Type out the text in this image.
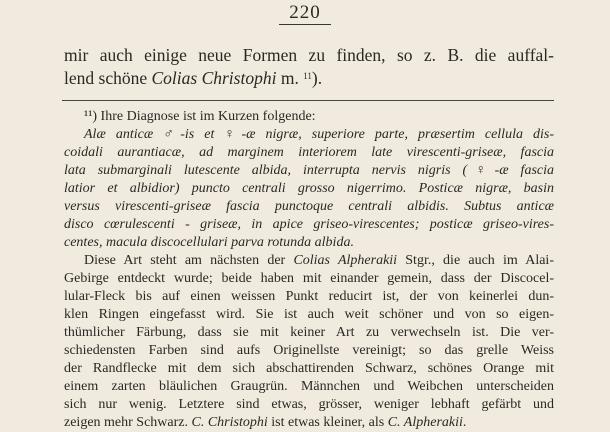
220
mir auch einige neue Formen zu finden, so z. B. die auffal-
lend schöne Colias Christophi m. $^{11}$).
¹¹) Ihre Diagnose ist im Kurzen folgende:
Alæ anticæ ♂-is et ♀-æ nigræ, superiore parte, præsertim cellula dis-
coidali aurantiacæ, ad marginem interiorem late virescenti-griseæ, fascia
lata submarginali lutescente albida, interrupta nervis nigris (♀-æ fascia
latior et albidior) puncto centrali grosso nigerrimo. Posticæ nigræ, basin
versus virescenti-griseæ fascia punctoque centrali albidis. Subtus anticæ
disco cœrulescenti - griseæ, in apice griseo-virescentes; posticæ griseo-vires-
centes, macula discocellulari parva rotunda albida.
Diese Art steht am nächsten der Colias Alpherakii Stgr., die auch im Alai-
Gebirge entdeckt wurde; beide haben mit einander gemein, dass der Discocel-
lular-Fleck bis auf einen weissen Punkt reducirt ist, der von keinerlei dun-
klen Ringen eingefasst wird. Sie ist auch weit schöner und von so eigen-
thümlicher Färbung, dass sie mit keiner Art zu verwechseln ist. Die ver-
schiedensten Farben sind aufs Originellste vereinigt; so das grelle Weiss
der Randflecke mit dem sich abschattirenden Schwarz, schönes Orange mit
einem zarten bläulichen Graugrün. Männchen und Weibchen unterscheiden
sich nur wenig. Letztere sind etwas, grösser, weniger lebhaft gefärbt und
zeigen mehr Schwarz. C. Christophi ist etwas kleiner, als C. Alpherakii.
